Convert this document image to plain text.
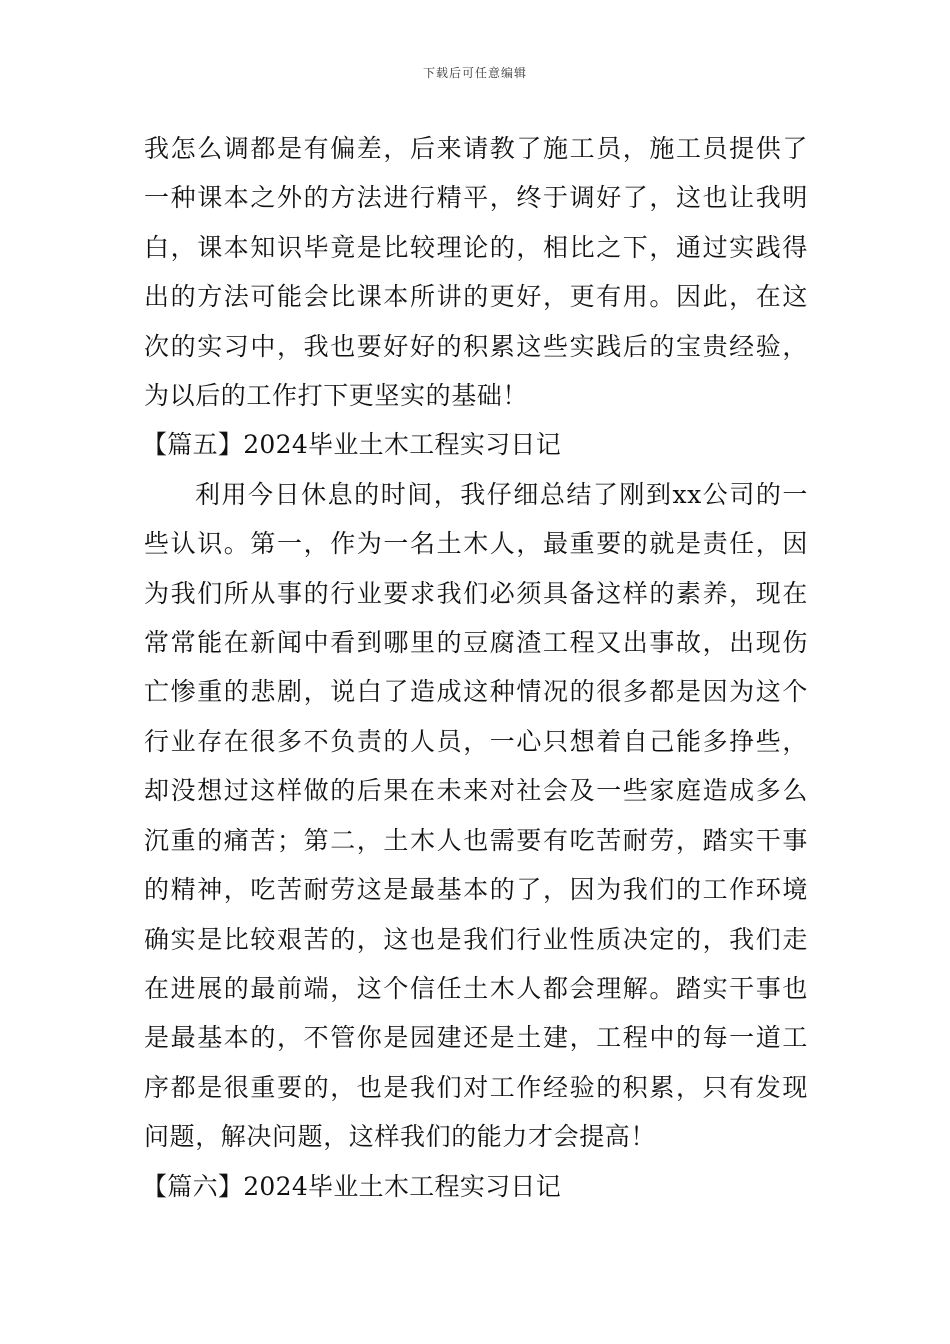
下载后可任意编辑

我怎么调都是有偏差，后来请教了施工员，施工员提供了一种课本之外的方法进行精平，终于调好了，这也让我明白，课本知识毕竟是比较理论的，相比之下，通过实践得出的方法可能会比课本所讲的更好，更有用。因此，在这次的实习中，我也要好好的积累这些实践后的宝贵经验，为以后的工作打下更坚实的基础！

【篇五】2024毕业土木工程实习日记

利用今日休息的时间，我仔细总结了刚到xx公司的一些认识。第一，作为一名土木人，最重要的就是责任，因为我们所从事的行业要求我们必须具备这样的素养，现在常常能在新闻中看到哪里的豆腐渣工程又出事故，出现伤亡惨重的悲剧，说白了造成这种情况的很多都是因为这个行业存在很多不负责的人员，一心只想着自己能多挣些，却没想过这样做的后果在未来对社会及一些家庭造成多么沉重的痛苦；第二，土木人也需要有吃苦耐劳，踏实干事的精神，吃苦耐劳这是最基本的了，因为我们的工作环境确实是比较艰苦的，这也是我们行业性质决定的，我们走在进展的最前端，这个信任土木人都会理解。踏实干事也是最基本的，不管你是园建还是土建，工程中的每一道工序都是很重要的，也是我们对工作经验的积累，只有发现问题，解决问题，这样我们的能力才会提高！

【篇六】2024毕业土木工程实习日记
